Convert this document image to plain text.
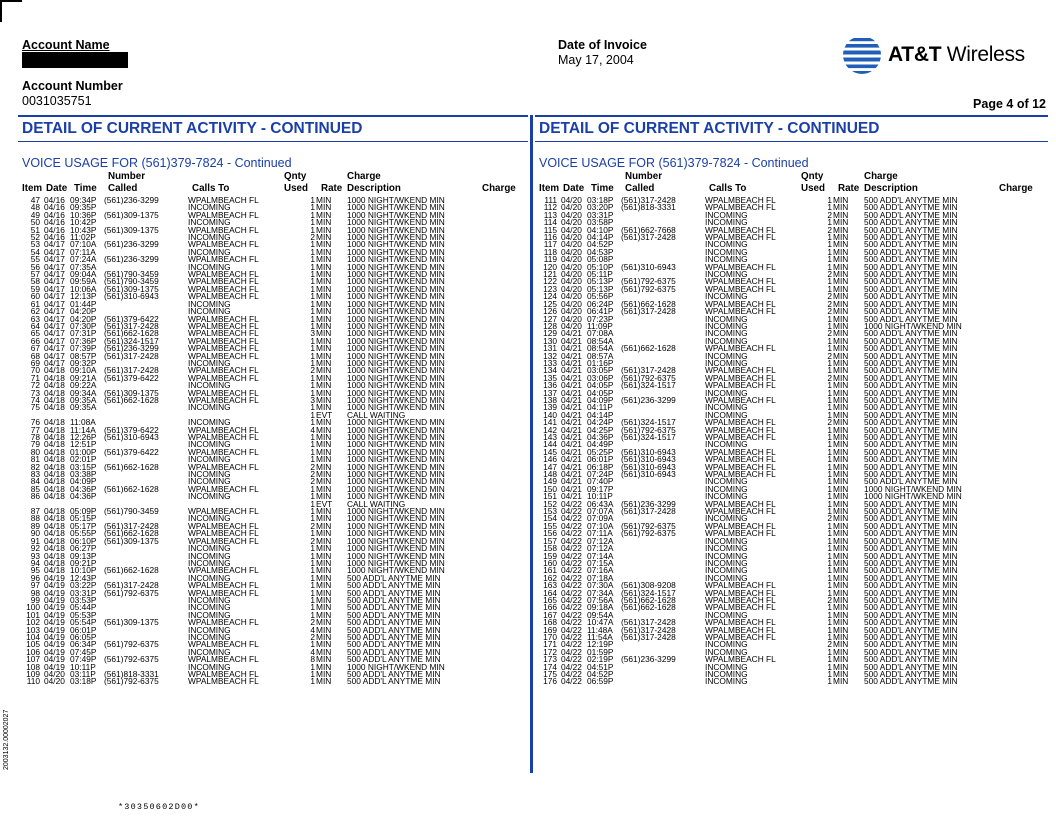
Account Name
Account Number
0031035751
Date of Invoice
May 17, 2004	AT&T Wireless
Page 4 of 12
DETAIL OF CURRENT ACTIVITY - CONTINUED
VOICE USAGE FOR (561)379-7824 - Continued
Number	Qnty	Charge
Item Date Time Called	Calls To	Used Rate Description	Charge
47 04/16 09:34P (561)236-3299	WPALMBEACH FL	1 MIN 1000 NIGHT/WKEND MIN
48 04/16 09:35P	INCOMING	1 MIN 1000 NIGHT/WKEND MIN
49 04/16 10:36P (561)309-1375	WPALMBEACH FL	1 MIN 1000 NIGHT/WKEND MIN
50 04/16 10:42P	INCOMING	1 MIN 1000 NIGHT/WKEND MIN
51 04/16 10:43P (561)309-1375	WPALMBEACH FL	1 MIN 1000 NIGHT/WKEND MIN
52 04/16 11:02P	INCOMING	2 MIN 1000 NIGHT/WKEND MIN
53 04/17 07:10A (561)236-3299	WPALMBEACH FL	1 MIN 1000 NIGHT/WKEND MIN
54 04/17 07:11A	INCOMING	1 MIN 1000 NIGHT/WKEND MIN
55 04/17 07:24A (561)236-3299	WPALMBEACH FL	1 MIN 1000 NIGHT/WKEND MIN
56 04/17 07:35A	INCOMING	1 MIN 1000 NIGHT/WKEND MIN
57 04/17 09:04A (561)790-3459	WPALMBEACH FL	1 MIN 1000 NIGHT/WKEND MIN
58 04/17 09:59A (561)790-3459	WPALMBEACH FL	1 MIN 1000 NIGHT/WKEND MIN
59 04/17 10:06A (561)309-1375	WPALMBEACH FL	1 MIN 1000 NIGHT/WKEND MIN
60 04/17 12:13P (561)310-6943	WPALMBEACH FL	1 MIN 1000 NIGHT/WKEND MIN
61 04/17 01:44P	INCOMING	1 MIN 1000 NIGHT/WKEND MIN
62 04/17 04:20P	INCOMING	1 MIN 1000 NIGHT/WKEND MIN
63 04/17 04:20P (561)379-6422	WPALMBEACH FL	1 MIN 1000 NIGHT/WKEND MIN
64 04/17 07:30P (561)317-2428	WPALMBEACH FL	1 MIN 1000 NIGHT/WKEND MIN
65 04/17 07:31P (561)662-1628	WPALMBEACH FL	3 MIN 1000 NIGHT/WKEND MIN
66 04/17 07:36P (561)324-1517	WPALMBEACH FL	1 MIN 1000 NIGHT/WKEND MIN
67 04/17 07:39P (561)236-3299	WPALMBEACH FL	1 MIN 1000 NIGHT/WKEND MIN
68 04/17 08:57P (561)317-2428	WPALMBEACH FL	1 MIN 1000 NIGHT/WKEND MIN
69 04/17 09:32P	INCOMING	1 MIN 1000 NIGHT/WKEND MIN
70 04/18 09:10A (561)317-2428	WPALMBEACH FL	2 MIN 1000 NIGHT/WKEND MIN
71 04/18 09:21A (561)379-6422	WPALMBEACH FL	1 MIN 1000 NIGHT/WKEND MIN
72 04/18 09:22A	INCOMING	1 MIN 1000 NIGHT/WKEND MIN
73 04/18 09:34A (561)309-1375	WPALMBEACH FL	1 MIN 1000 NIGHT/WKEND MIN
74 04/18 09:35A (561)662-1628	WPALMBEACH FL	3 MIN 1000 NIGHT/WKEND MIN
75 04/18 09:35A	INCOMING	1 MIN 1000 NIGHT/WKEND MIN
1 EVT CALL WAITING
76 04/18 11:08A	INCOMING	1 MIN 1000 NIGHT/WKEND MIN
77 04/18 11:14A (561)379-6422	WPALMBEACH FL	4 MIN 1000 NIGHT/WKEND MIN
78 04/18 12:26P (561)310-6943	WPALMBEACH FL	1 MIN 1000 NIGHT/WKEND MIN
79 04/18 12:51P	INCOMING	1 MIN 1000 NIGHT/WKEND MIN
80 04/18 01:00P (561)379-6422	WPALMBEACH FL	1 MIN 1000 NIGHT/WKEND MIN
81 04/18 02:01P	INCOMING	1 MIN 1000 NIGHT/WKEND MIN
82 04/18 03:15P (561)662-1628	WPALMBEACH FL	2 MIN 1000 NIGHT/WKEND MIN
83 04/18 03:38P	INCOMING	2 MIN 1000 NIGHT/WKEND MIN
84 04/18 04:09P	INCOMING	2 MIN 1000 NIGHT/WKEND MIN
85 04/18 04:36P (561)662-1628	WPALMBEACH FL	1 MIN 1000 NIGHT/WKEND MIN
86 04/18 04:36P	INCOMING	1 MIN 1000 NIGHT/WKEND MIN
1 EVT CALL WAITING
87 04/18 05:09P (561)790-3459	WPALMBEACH FL	1 MIN 1000 NIGHT/WKEND MIN
88 04/18 05:15P	INCOMING	1 MIN 1000 NIGHT/WKEND MIN
89 04/18 05:17P (561)317-2428	WPALMBEACH FL	2 MIN 1000 NIGHT/WKEND MIN
90 04/18 05:55P (561)662-1628	WPALMBEACH FL	1 MIN 1000 NIGHT/WKEND MIN
91 04/18 06:10P (561)309-1375	WPALMBEACH FL	2 MIN 1000 NIGHT/WKEND MIN
92 04/18 06:27P	INCOMING	1 MIN 1000 NIGHT/WKEND MIN
93 04/18 09:13P	INCOMING	1 MIN 1000 NIGHT/WKEND MIN
94 04/18 09:21P	INCOMING	1 MIN 1000 NIGHT/WKEND MIN
95 04/18 10:10P (561)662-1628	WPALMBEACH FL	1 MIN 1000 NIGHT/WKEND MIN
96 04/19 12:43P	INCOMING	1 MIN 500 ADD'L ANYTME MIN
97 04/19 03:22P (561)317-2428	WPALMBEACH FL	1 MIN 500 ADD'L ANYTME MIN
98 04/19 03:31P (561)792-6375	WPALMBEACH FL	1 MIN 500 ADD'L ANYTME MIN
99 04/19 03:53P	INCOMING	1 MIN 500 ADD'L ANYTME MIN
100 04/19 05:44P	INCOMING	1 MIN 500 ADD'L ANYTME MIN
101 04/19 05:53P	INCOMING	1 MIN 500 ADD'L ANYTME MIN
102 04/19 05:54P (561)309-1375	WPALMBEACH FL	2 MIN 500 ADD'L ANYTME MIN
103 04/19 06:01P	INCOMING	4 MIN 500 ADD'L ANYTME MIN
104 04/19 06:05P	INCOMING	2 MIN 500 ADD'L ANYTME MIN
105 04/19 06:34P (561)792-6375	WPALMBEACH FL	1 MIN 500 ADD'L ANYTME MIN
106 04/19 07:45P	INCOMING	4 MIN 500 ADD'L ANYTME MIN
107 04/19 07:49P (561)792-6375	WPALMBEACH FL	8 MIN 500 ADD'L ANYTME MIN
108 04/19 10:11P	INCOMING	1 MIN 1000 NIGHT/WKEND MIN
109 04/20 03:11P (561)818-3331	WPALMBEACH FL	1 MIN 500 ADD'L ANYTME MIN
110 04/20 03:18P (561)792-6375	WPALMBEACH FL	1 MIN 500 ADD'L ANYTME MIN
DETAIL OF CURRENT ACTIVITY - CONTINUED
VOICE USAGE FOR (561)379-7824 - Continued
Number	Qnty	Charge
Item Date Time Called	Calls To	Used Rate Description	Charge
111 04/20 03:18P (561)317-2428	WPALMBEACH FL	1 MIN 500 ADD'L ANYTME MIN
112 04/20 03:20P (561)818-3331	WPALMBEACH FL	1 MIN 500 ADD'L ANYTME MIN
113 04/20 03:31P	INCOMING	2 MIN 500 ADD'L ANYTME MIN
114 04/20 03:58P	INCOMING	1 MIN 500 ADD'L ANYTME MIN
115 04/20 04:10P (561)662-7668	WPALMBEACH FL	2 MIN 500 ADD'L ANYTME MIN
116 04/20 04:14P (561)317-2428	WPALMBEACH FL	1 MIN 500 ADD'L ANYTME MIN
117 04/20 04:52P	INCOMING	1 MIN 500 ADD'L ANYTME MIN
118 04/20 04:53P	INCOMING	1 MIN 500 ADD'L ANYTME MIN
119 04/20 05:08P	INCOMING	1 MIN 500 ADD'L ANYTME MIN
120 04/20 05:10P (561)310-6943	WPALMBEACH FL	1 MIN 500 ADD'L ANYTME MIN
121 04/20 05:11P	INCOMING	2 MIN 500 ADD'L ANYTME MIN
122 04/20 05:13P (561)792-6375	WPALMBEACH FL	1 MIN 500 ADD'L ANYTME MIN
123 04/20 05:13P (561)792-6375	WPALMBEACH FL	1 MIN 500 ADD'L ANYTME MIN
124 04/20 05:56P	INCOMING	2 MIN 500 ADD'L ANYTME MIN
125 04/20 06:24P (561)662-1628	WPALMBEACH FL	2 MIN 500 ADD'L ANYTME MIN
126 04/20 06:41P (561)317-2428	WPALMBEACH FL	2 MIN 500 ADD'L ANYTME MIN
127 04/20 07:23P	INCOMING	1 MIN 500 ADD'L ANYTME MIN
128 04/20 11:09P	INCOMING	1 MIN 1000 NIGHT/WKEND MIN
129 04/21 07:08A	INCOMING	2 MIN 500 ADD'L ANYTME MIN
130 04/21 08:54A	INCOMING	1 MIN 500 ADD'L ANYTME MIN
131 04/21 08:54A (561)662-1628	WPALMBEACH FL	1 MIN 500 ADD'L ANYTME MIN
132 04/21 08:57A	INCOMING	2 MIN 500 ADD'L ANYTME MIN
133 04/21 01:16P	INCOMING	1 MIN 500 ADD'L ANYTME MIN
134 04/21 03:05P (561)317-2428	WPALMBEACH FL	1 MIN 500 ADD'L ANYTME MIN
135 04/21 03:06P (561)792-6375	WPALMBEACH FL	2 MIN 500 ADD'L ANYTME MIN
136 04/21 04:05P (561)324-1517	WPALMBEACH FL	1 MIN 500 ADD'L ANYTME MIN
137 04/21 04:05P	INCOMING	1 MIN 500 ADD'L ANYTME MIN
138 04/21 04:09P (561)236-3299	WPALMBEACH FL	1 MIN 500 ADD'L ANYTME MIN
139 04/21 04:11P	INCOMING	1 MIN 500 ADD'L ANYTME MIN
140 04/21 04:14P	INCOMING	1 MIN 500 ADD'L ANYTME MIN
141 04/21 04:24P (561)324-1517	WPALMBEACH FL	2 MIN 500 ADD'L ANYTME MIN
142 04/21 04:25P (561)792-6375	WPALMBEACH FL	1 MIN 500 ADD'L ANYTME MIN
143 04/21 04:36P (561)324-1517	WPALMBEACH FL	1 MIN 500 ADD'L ANYTME MIN
144 04/21 04:49P	INCOMING	1 MIN 500 ADD'L ANYTME MIN
145 04/21 05:25P (561)310-6943	WPALMBEACH FL	1 MIN 500 ADD'L ANYTME MIN
146 04/21 06:01P (561)310-6943	WPALMBEACH FL	1 MIN 500 ADD'L ANYTME MIN
147 04/21 06:18P (561)310-6943	WPALMBEACH FL	1 MIN 500 ADD'L ANYTME MIN
148 04/21 07:24P (561)310-6943	WPALMBEACH FL	1 MIN 500 ADD'L ANYTME MIN
149 04/21 07:40P	INCOMING	1 MIN 500 ADD'L ANYTME MIN
150 04/21 09:17P	INCOMING	1 MIN 1000 NIGHT/WKEND MIN
151 04/21 10:11P	INCOMING	1 MIN 1000 NIGHT/WKEND MIN
152 04/22 06:43A (561)236-3299	WPALMBEACH FL	1 MIN 500 ADD'L ANYTME MIN
153 04/22 07:07A (561)317-2428	WPALMBEACH FL	1 MIN 500 ADD'L ANYTME MIN
154 04/22 07:09A	INCOMING	2 MIN 500 ADD'L ANYTME MIN
155 04/22 07:10A (561)792-6375	WPALMBEACH FL	1 MIN 500 ADD'L ANYTME MIN
156 04/22 07:11A (561)792-6375	WPALMBEACH FL	1 MIN 500 ADD'L ANYTME MIN
157 04/22 07:12A	INCOMING	1 MIN 500 ADD'L ANYTME MIN
158 04/22 07:12A	INCOMING	1 MIN 500 ADD'L ANYTME MIN
159 04/22 07:14A	INCOMING	1 MIN 500 ADD'L ANYTME MIN
160 04/22 07:15A	INCOMING	1 MIN 500 ADD'L ANYTME MIN
161 04/22 07:16A	INCOMING	1 MIN 500 ADD'L ANYTME MIN
162 04/22 07:18A	INCOMING	1 MIN 500 ADD'L ANYTME MIN
163 04/22 07:30A (561)308-9208	WPALMBEACH FL	1 MIN 500 ADD'L ANYTME MIN
164 04/22 07:34A (561)324-1517	WPALMBEACH FL	1 MIN 500 ADD'L ANYTME MIN
165 04/22 07:56A (561)662-1628	WPALMBEACH FL	2 MIN 500 ADD'L ANYTME MIN
166 04/22 09:18A (561)662-1628	WPALMBEACH FL	1 MIN 500 ADD'L ANYTME MIN
167 04/22 09:54A	INCOMING	1 MIN 500 ADD'L ANYTME MIN
168 04/22 10:47A (561)317-2428	WPALMBEACH FL	1 MIN 500 ADD'L ANYTME MIN
169 04/22 11:48A (561)317-2428	WPALMBEACH FL	1 MIN 500 ADD'L ANYTME MIN
170 04/22 11:54A (561)317-2428	WPALMBEACH FL	1 MIN 500 ADD'L ANYTME MIN
171 04/22 12:19P	INCOMING	2 MIN 500 ADD'L ANYTME MIN
172 04/22 01:59P	INCOMING	1 MIN 500 ADD'L ANYTME MIN
173 04/22 02:19P (561)236-3299	WPALMBEACH FL	1 MIN 500 ADD'L ANYTME MIN
174 04/22 04:51P	INCOMING	1 MIN 500 ADD'L ANYTME MIN
175 04/22 04:52P	INCOMING	1 MIN 500 ADD'L ANYTME MIN
176 04/22 06:59P	INCOMING	1 MIN 500 ADD'L ANYTME MIN
2003132.00002027
*30350602D00*
